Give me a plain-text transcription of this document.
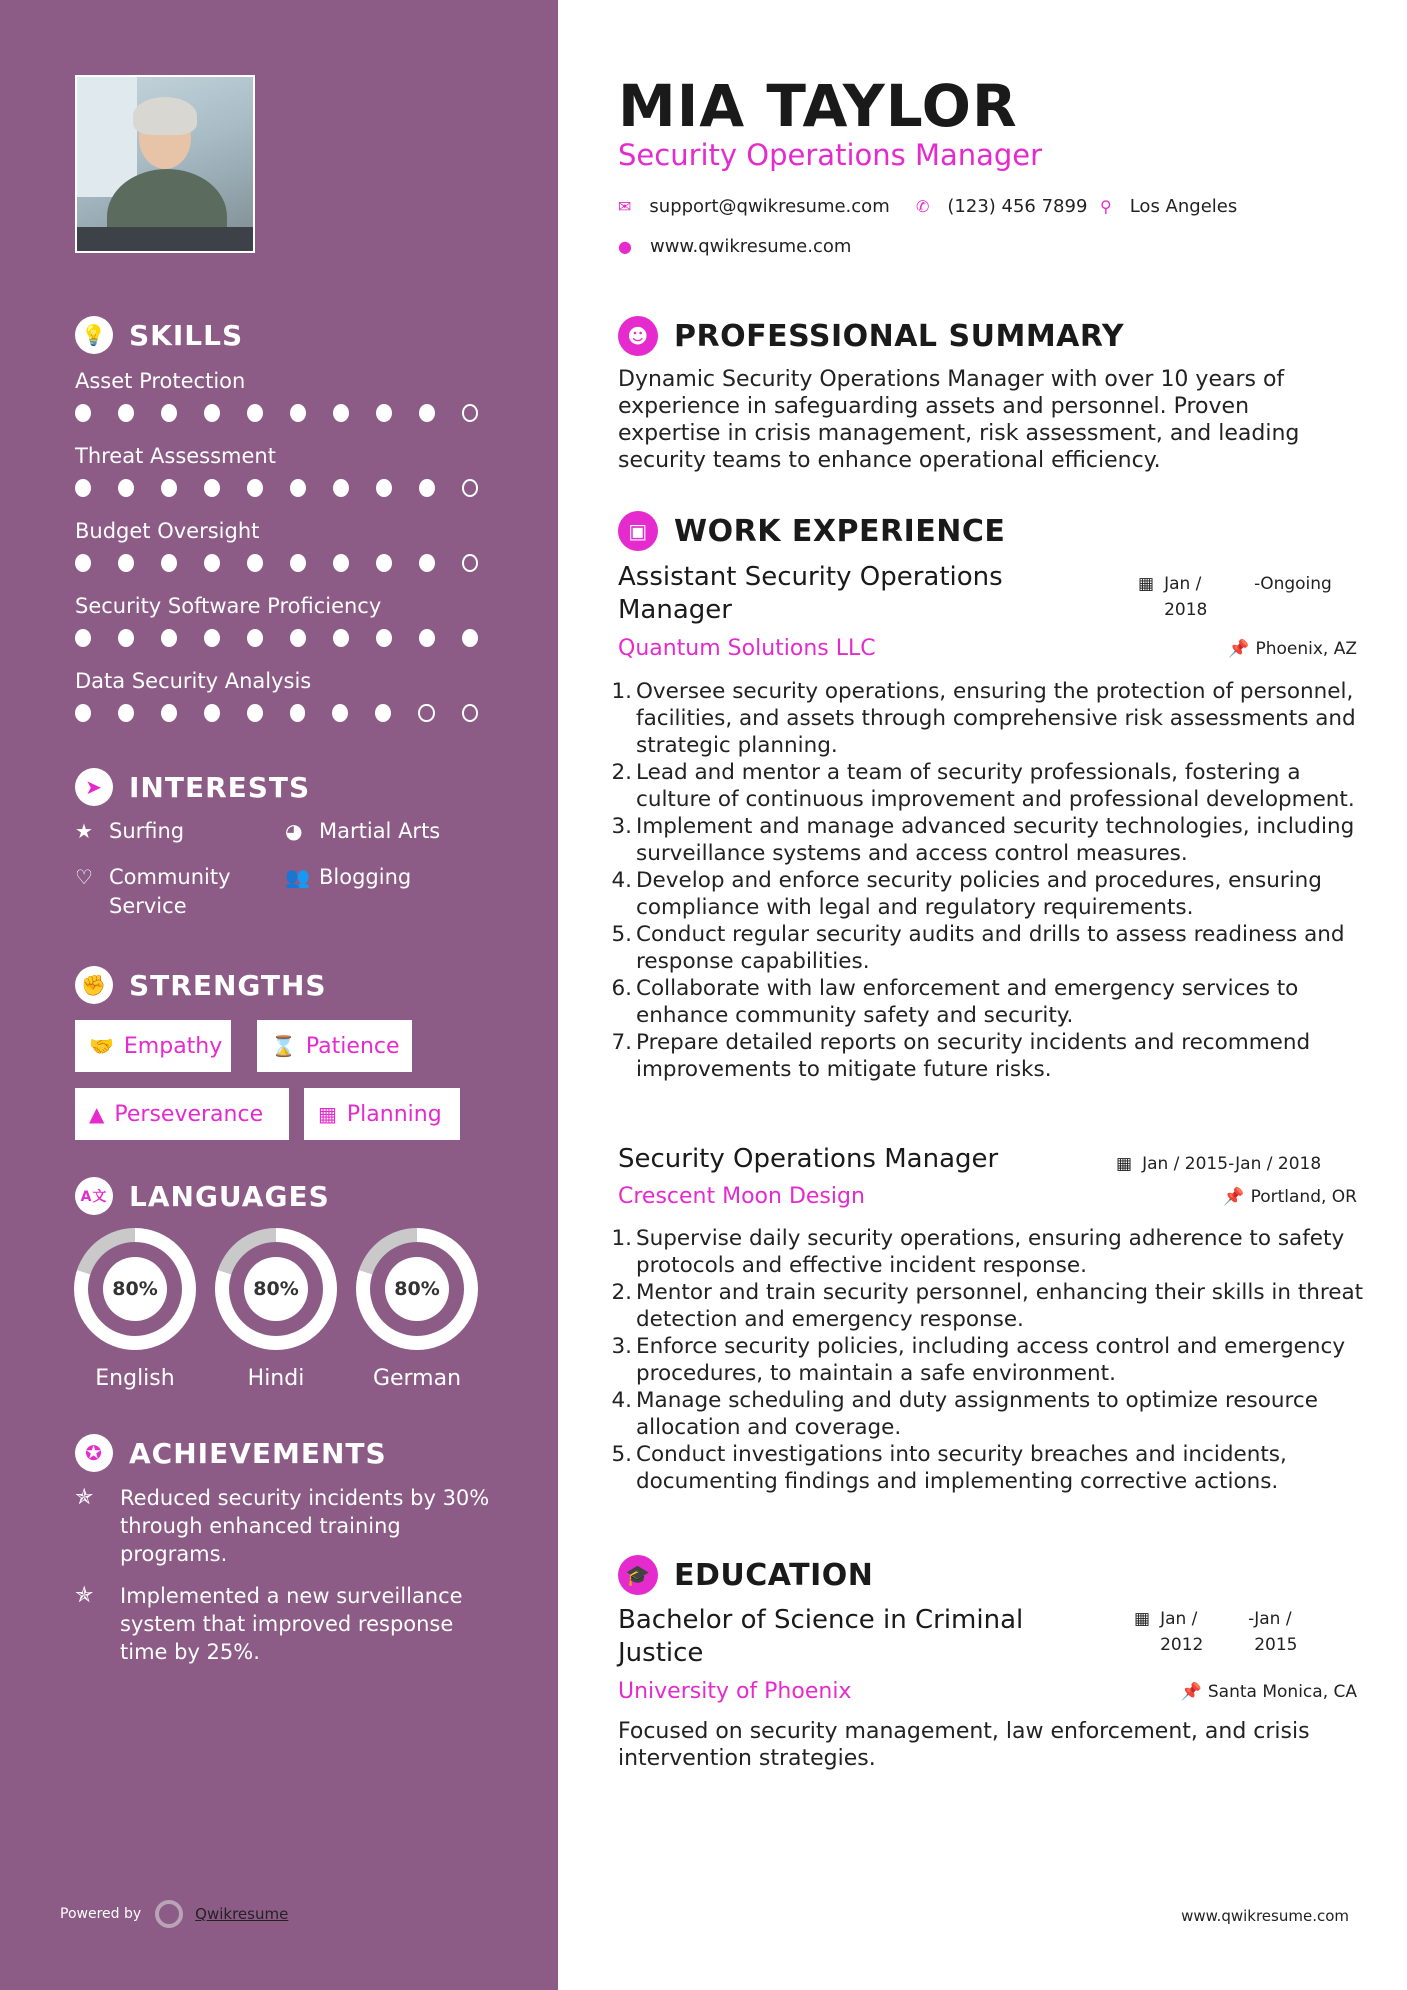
💡 SKILLS
Asset Protection
Threat Assessment
Budget Oversight
Security Software Proficiency
Data Security Analysis
➤ INTERESTS
★ Surfing	◕ Martial Arts
♡ Community Service
👥 Blogging
✊ STRENGTHS
🤝 Empathy ⌛ Patience
▲ Perseverance	▦ Planning
A文 LANGUAGES
80%
English
80%
Hindi
80%
German
✪ ACHIEVEMENTS
✯	Reduced security incidents by 30% through enhanced training programs.
✯	Implemented a new surveillance system that improved response time by 25%.
Powered by	Qwikresume
MIA TAYLOR
Security Operations Manager
✉ support@qwikresume.com ✆ (123) 456 7899 ⚲ Los Angeles
● www.qwikresume.com
☻ PROFESSIONAL SUMMARY
Dynamic Security Operations Manager with over 10 years of experience in safeguarding assets and personnel. Proven expertise in crisis management, risk assessment, and leading security teams to enhance operational efficiency.
▣ WORK EXPERIENCE
Assistant Security Operations Manager
▦ Jan / 2018
- Ongoing
Quantum Solutions LLC	📌 Phoenix, AZ
1. Oversee security operations, ensuring the protection of personnel, facilities, and assets through comprehensive risk assessments and strategic planning.
2. Lead and mentor a team of security professionals, fostering a culture of continuous improvement and professional development.
3. Implement and manage advanced security technologies, including surveillance systems and access control measures.
4. Develop and enforce security policies and procedures, ensuring compliance with legal and regulatory requirements.
5. Conduct regular security audits and drills to assess readiness and response capabilities.
6. Collaborate with law enforcement and emergency services to enhance community safety and security.
7. Prepare detailed reports on security incidents and recommend improvements to mitigate future risks.
Security Operations Manager	▦ Jan / 2015-Jan / 2018
Crescent Moon Design	📌 Portland, OR
1. Supervise daily security operations, ensuring adherence to safety protocols and effective incident response.
2. Mentor and train security personnel, enhancing their skills in threat detection and emergency response.
3. Enforce security policies, including access control and emergency procedures, to maintain a safe environment.
4. Manage scheduling and duty assignments to optimize resource allocation and coverage.
5. Conduct investigations into security breaches and incidents, documenting findings and implementing corrective actions.
🎓 EDUCATION
Bachelor of Science in Criminal Justice
▦ Jan / 2012
- Jan / 2015
University of Phoenix	📌 Santa Monica, CA
Focused on security management, law enforcement, and crisis intervention strategies.
www.qwikresume.com
